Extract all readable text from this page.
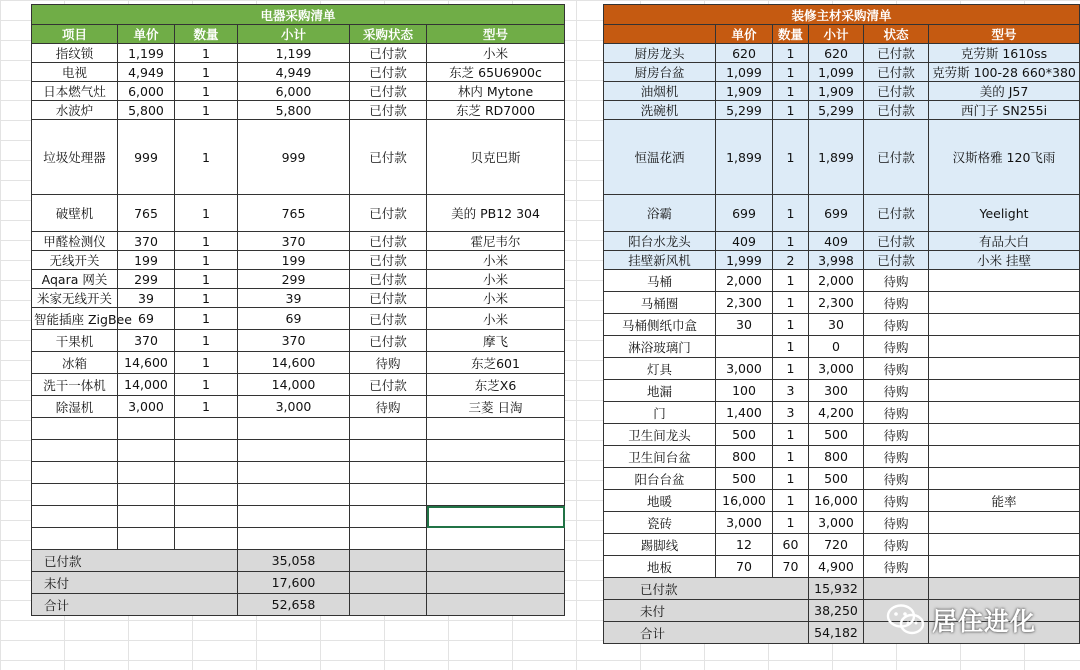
电器采购清单					
项目	单价	数量	小计	采购状态	型号
指纹锁	1,199	1	1,199	已付款	小米
电视	4,949	1	4,949	已付款	东芝 65U6900c
日本燃气灶	6,000	1	6,000	已付款	林内 Mytone
水波炉	5,800	1	5,800	已付款	东芝 RD7000
垃圾处理器	999	1	999	已付款	贝克巴斯
破壁机	765	1	765	已付款	美的 PB12 304
甲醛检测仪	370	1	370	已付款	霍尼韦尔
无线开关	199	1	199	已付款	小米
Aqara 网关	299	1	299	已付款	小米
米家无线开关	39	1	39	已付款	小米
智能插座 ZigBee	69	1	69	已付款	小米
干果机	370	1	370	已付款	摩飞
冰箱	14,600	1	14,600	待购	东芝601
洗干一体机	14,000	1	14,000	已付款	东芝X6
除湿机	3,000	1	3,000	待购	三菱 日淘

已付款			35,058		
未付			17,600		
合计			52,658		
装修主材采购清单					
	单价	数量	小计	状态	型号
厨房龙头	620	1	620	已付款	克劳斯 1610ss
厨房台盆	1,099	1	1,099	已付款	克劳斯 100-28 660*380
油烟机	1,909	1	1,909	已付款	美的 J57
洗碗机	5,299	1	5,299	已付款	西门子 SN255i
恒温花洒	1,899	1	1,899	已付款	汉斯格雅 120飞雨
浴霸	699	1	699	已付款	Yeelight
阳台水龙头	409	1	409	已付款	有品大白
挂壁新风机	1,999	2	3,998	已付款	小米 挂壁
马桶	2,000	1	2,000	待购	
马桶圈	2,300	1	2,300	待购	
马桶侧纸巾盒	30	1	30	待购	
淋浴玻璃门		1	0	待购	
灯具	3,000	1	3,000	待购	
地漏	100	3	300	待购	
门	1,400	3	4,200	待购	
卫生间龙头	500	1	500	待购	
卫生间台盆	800	1	800	待购	
阳台台盆	500	1	500	待购	
地暖	16,000	1	16,000	待购	能率
瓷砖	3,000	1	3,000	待购	
踢脚线	12	60	720	待购	
地板	70	70	4,900	待购	
已付款			15,932		
未付			38,250		
合计			54,182			居住进化
